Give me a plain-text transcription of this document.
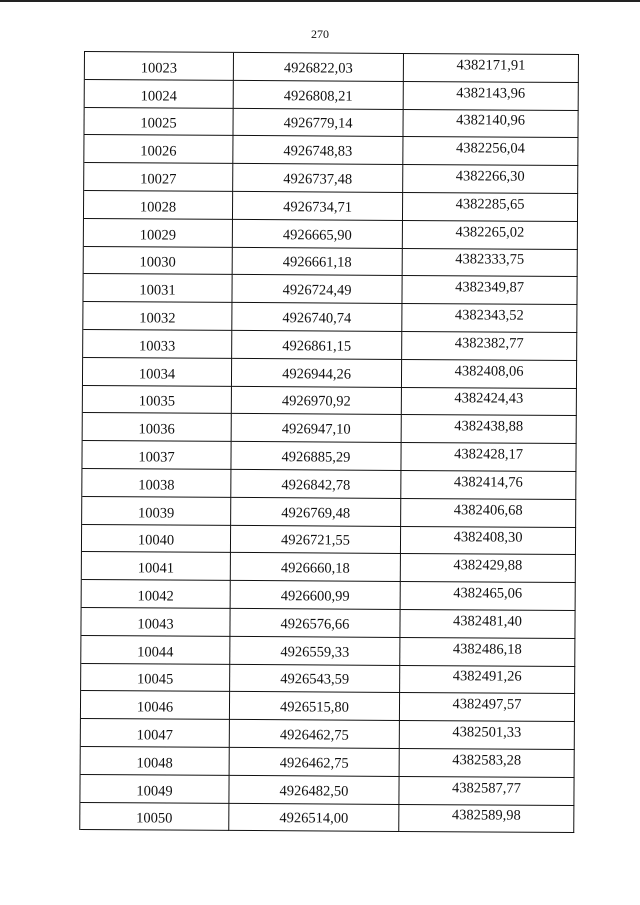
270
10023	4926822,03	4382171,91
10024	4926808,21	4382143,96
10025	4926779,14	4382140,96
10026	4926748,83	4382256,04
10027	4926737,48	4382266,30
10028	4926734,71	4382285,65
10029	4926665,90	4382265,02
10030	4926661,18	4382333,75
10031	4926724,49	4382349,87
10032	4926740,74	4382343,52
10033	4926861,15	4382382,77
10034	4926944,26	4382408,06
10035	4926970,92	4382424,43
10036	4926947,10	4382438,88
10037	4926885,29	4382428,17
10038	4926842,78	4382414,76
10039	4926769,48	4382406,68
10040	4926721,55	4382408,30
10041	4926660,18	4382429,88
10042	4926600,99	4382465,06
10043	4926576,66	4382481,40
10044	4926559,33	4382486,18
10045	4926543,59	4382491,26
10046	4926515,80	4382497,57
10047	4926462,75	4382501,33
10048	4926462,75	4382583,28
10049	4926482,50	4382587,77
10050	4926514,00	4382589,98
